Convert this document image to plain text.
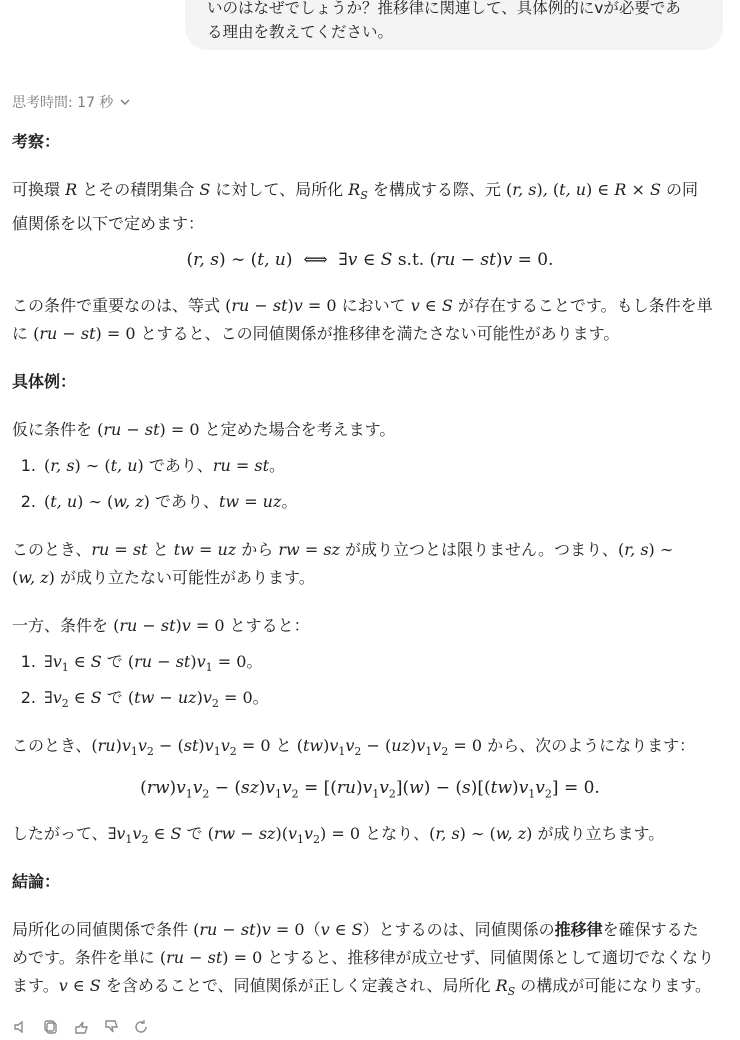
いのはなぜでしょうか？推移律に関連して、具体例的にvが必要であ
る理由を教えてください。
思考時間: 17 秒
考察：
可換環 R とその積閉集合 S に対して、局所化 $R_S$ を構成する際、元 (r, s), (t, u) ∈ R × S の同
値関係を以下で定めます：
(r, s) ∼ (t, u)  ⟺  ∃v ∈ S s.t. (ru − st)v = 0.
この条件で重要なのは、等式 (ru − st)v = 0 において v ∈ S が存在することです。もし条件を単
に (ru − st) = 0 とすると、この同値関係が推移律を満たさない可能性があります。
具体例：
仮に条件を (ru − st) = 0 と定めた場合を考えます。
1. (r, s) ∼ (t, u) であり、ru = st。
2. (t, u) ∼ (w, z) であり、tw = uz。
このとき、ru = st と tw = uz から rw = sz が成り立つとは限りません。つまり、(r, s) ∼
(w, z) が成り立たない可能性があります。
一方、条件を (ru − st)v = 0 とすると：
1. $\exists v_1$ ∈ S で $(ru - st)v_1 = 0$。
2. $\exists v_2$ ∈ S で $(tw - uz)v_2 = 0$。
このとき、$(ru)v_1v_2 - (st)v_1v_2 = 0$ と $(tw)v_1v_2 - (uz)v_1v_2 = 0$ から、次のようになります：
$(rw)v_1v_2 - (sz)v_1v_2 = [(ru)v_1v_2](w) - (s)[(tw)v_1v_2] = 0$.
したがって、$\exists v_1v_2$ ∈ S で $(rw - sz)(v_1v_2) = 0$ となり、(r, s) ∼ (w, z) が成り立ちます。
結論：
局所化の同値関係で条件 (ru − st)v = 0（v ∈ S）とするのは、同値関係の推移律を確保するた
めです。条件を単に (ru − st) = 0 とすると、推移律が成立せず、同値関係として適切でなくなり
ます。v ∈ S を含めることで、同値関係が正しく定義され、局所化 $R_S$ の構成が可能になります。
